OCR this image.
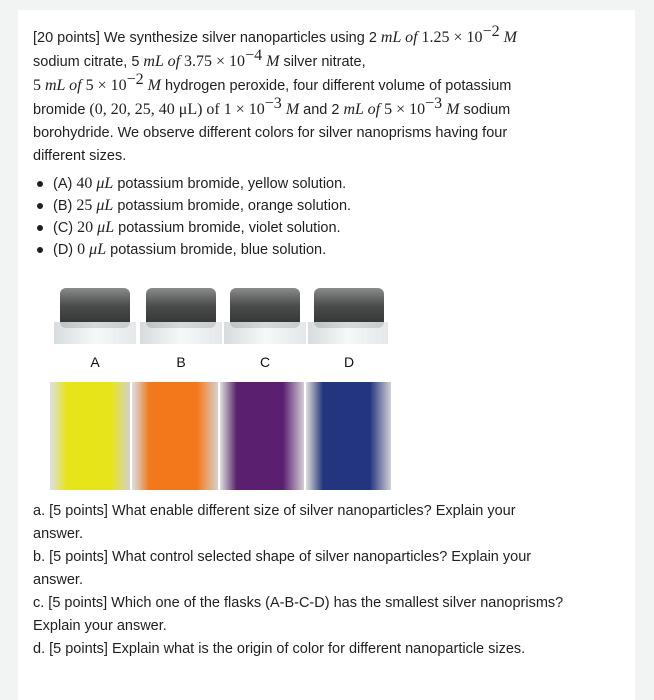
[20 points] We synthesize silver nanoparticles using 2 mL of $1.25 \times 10^{-2}$ M
sodium citrate, 5 mL of $3.75 \times 10^{-4}$ M silver nitrate,
5 mL of $5 \times 10^{-2}$ M hydrogen peroxide, four different volume of potassium
bromide (0, 20, 25, 40 μL) of $1 \times 10^{-3}$ M and 2 mL of $5 \times 10^{-3}$ M sodium
borohydride. We observe different colors for silver nanoprisms having four
different sizes.
(A) 40 μL potassium bromide, yellow solution.
(B) 25 μL potassium bromide, orange solution.
(C) 20 μL potassium bromide, violet solution.
(D) 0 μL potassium bromide, blue solution.
A	B	C	D

a. [5 points] What enable different size of silver nanoparticles? Explain your

answer.

b. [5 points] What control selected shape of silver nanoparticles? Explain your

answer.

c. [5 points] Which one of the flasks (A-B-C-D) has the smallest silver nanoprisms?

Explain your answer.

d. [5 points] Explain what is the origin of color for different nanoparticle sizes.
